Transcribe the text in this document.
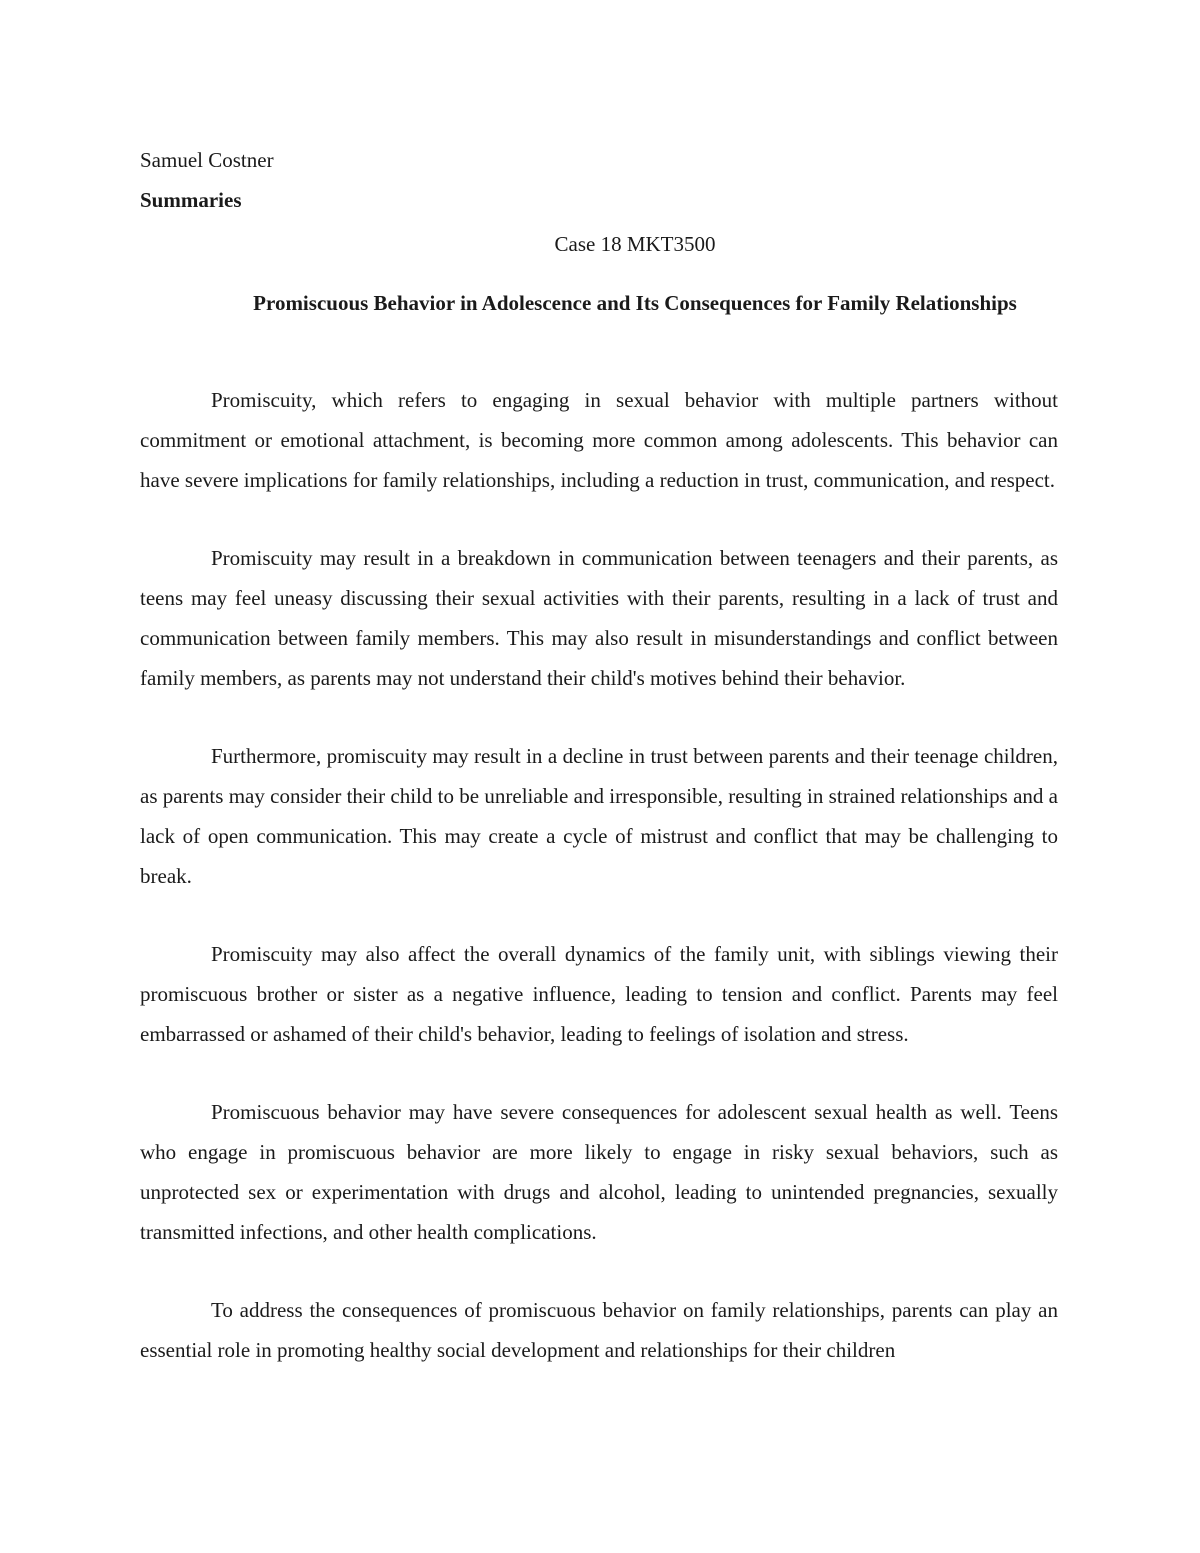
Samuel Costner
Summaries
Case 18 MKT3500
Promiscuous Behavior in Adolescence and Its Consequences for Family Relationships

Promiscuity, which refers to engaging in sexual behavior with multiple partners without commitment or emotional attachment, is becoming more common among adolescents. This behavior can have severe implications for family relationships, including a reduction in trust, communication, and respect.

Promiscuity may result in a breakdown in communication between teenagers and their parents, as teens may feel uneasy discussing their sexual activities with their parents, resulting in a lack of trust and communication between family members. This may also result in misunderstandings and conflict between family members, as parents may not understand their child's motives behind their behavior.

Furthermore, promiscuity may result in a decline in trust between parents and their teenage children, as parents may consider their child to be unreliable and irresponsible, resulting in strained relationships and a lack of open communication. This may create a cycle of mistrust and conflict that may be challenging to break.

Promiscuity may also affect the overall dynamics of the family unit, with siblings viewing their promiscuous brother or sister as a negative influence, leading to tension and conflict. Parents may feel embarrassed or ashamed of their child's behavior, leading to feelings of isolation and stress.

Promiscuous behavior may have severe consequences for adolescent sexual health as well. Teens who engage in promiscuous behavior are more likely to engage in risky sexual behaviors, such as unprotected sex or experimentation with drugs and alcohol, leading to unintended pregnancies, sexually transmitted infections, and other health complications.

To address the consequences of promiscuous behavior on family relationships, parents can play an essential role in promoting healthy social development and relationships for their children
